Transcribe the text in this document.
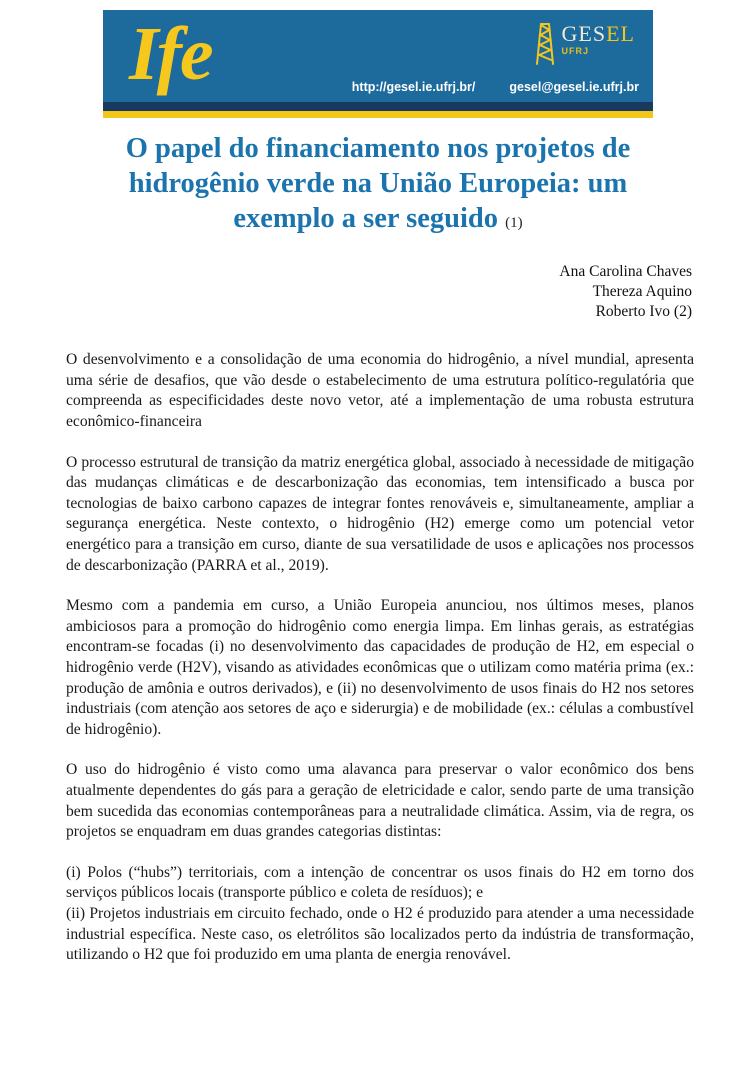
Ife	GESEL
UFRJ
http://gesel.ie.ufrj.br/	gesel@gesel.ie.ufrj.br
O papel do financiamento nos projetos de hidrogênio verde na União Europeia: um exemplo a ser seguido (1)
Ana Carolina Chaves
Thereza Aquino
Roberto Ivo (2)

O desenvolvimento e a consolidação de uma economia do hidrogênio, a nível mundial, apresenta uma série de desafios, que vão desde o estabelecimento de uma estrutura político-regulatória que compreenda as especificidades deste novo vetor, até a implementação de uma robusta estrutura econômico-financeira

O processo estrutural de transição da matriz energética global, associado à necessidade de mitigação das mudanças climáticas e de descarbonização das economias, tem intensificado a busca por tecnologias de baixo carbono capazes de integrar fontes renováveis e, simultaneamente, ampliar a segurança energética. Neste contexto, o hidrogênio (H2) emerge como um potencial vetor energético para a transição em curso, diante de sua versatilidade de usos e aplicações nos processos de descarbonização (PARRA et al., 2019).

Mesmo com a pandemia em curso, a União Europeia anunciou, nos últimos meses, planos ambiciosos para a promoção do hidrogênio como energia limpa. Em linhas gerais, as estratégias encontram-se focadas (i) no desenvolvimento das capacidades de produção de H2, em especial o hidrogênio verde (H2V), visando as atividades econômicas que o utilizam como matéria prima (ex.: produção de amônia e outros derivados), e (ii) no desenvolvimento de usos finais do H2 nos setores industriais (com atenção aos setores de aço e siderurgia) e de mobilidade (ex.: células a combustível de hidrogênio).

O uso do hidrogênio é visto como uma alavanca para preservar o valor econômico dos bens atualmente dependentes do gás para a geração de eletricidade e calor, sendo parte de uma transição bem sucedida das economias contemporâneas para a neutralidade climática. Assim, via de regra, os projetos se enquadram em duas grandes categorias distintas:

(i) Polos (“hubs”) territoriais, com a intenção de concentrar os usos finais do H2 em torno dos serviços públicos locais (transporte público e coleta de resíduos); e

(ii) Projetos industriais em circuito fechado, onde o H2 é produzido para atender a uma necessidade industrial específica. Neste caso, os eletrólitos são localizados perto da indústria de transformação, utilizando o H2 que foi produzido em uma planta de energia renovável.
